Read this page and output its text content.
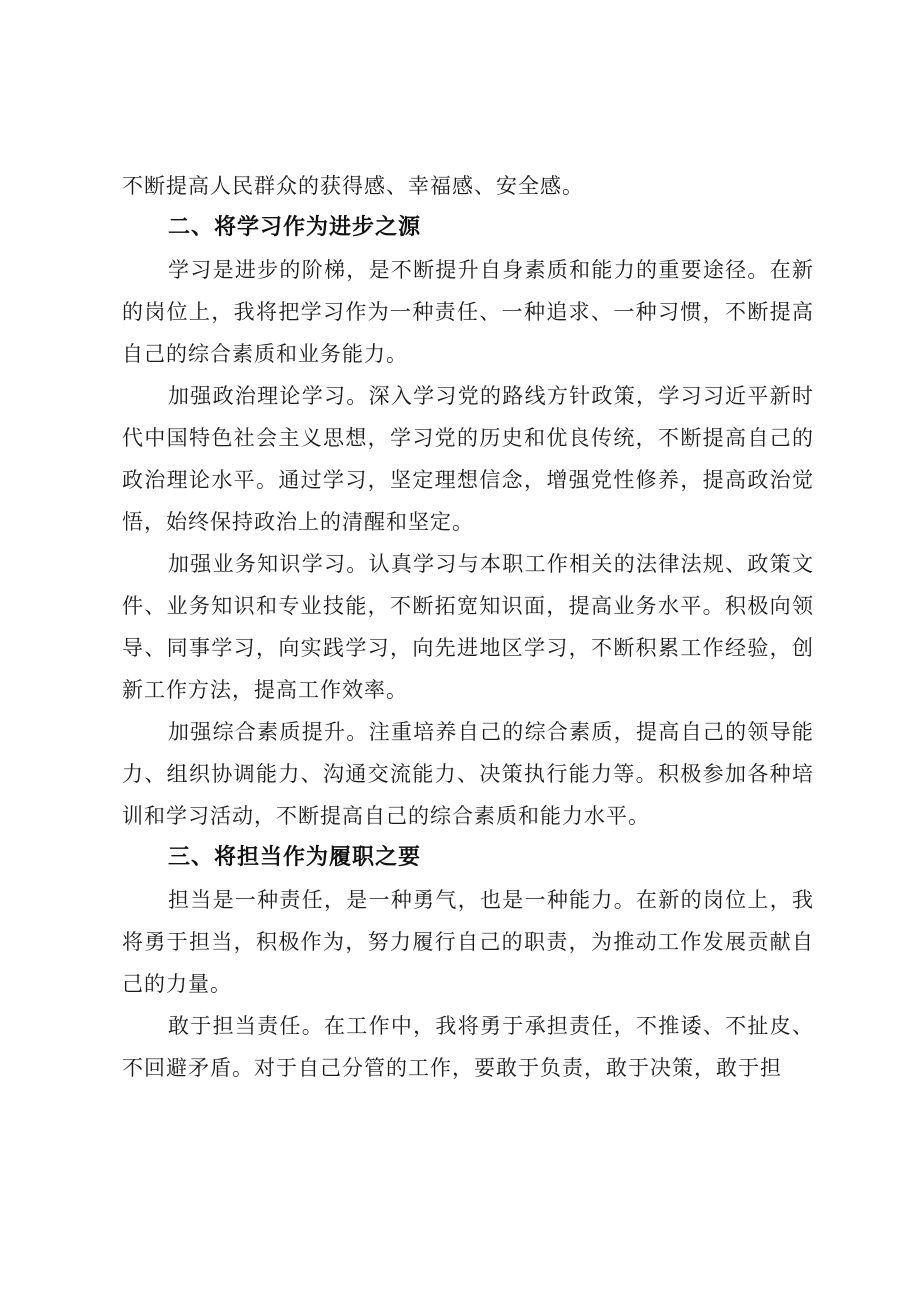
不断提高人民群众的获得感、幸福感、安全感。

二、将学习作为进步之源

学习是进步的阶梯，是不断提升自身素质和能力的重要途径。在新的岗位上，我将把学习作为一种责任、一种追求、一种习惯，不断提高自己的综合素质和业务能力。

加强政治理论学习。深入学习党的路线方针政策，学习习近平新时代中国特色社会主义思想，学习党的历史和优良传统，不断提高自己的政治理论水平。通过学习，坚定理想信念，增强党性修养，提高政治觉悟，始终保持政治上的清醒和坚定。

加强业务知识学习。认真学习与本职工作相关的法律法规、政策文件、业务知识和专业技能，不断拓宽知识面，提高业务水平。积极向领导、同事学习，向实践学习，向先进地区学习，不断积累工作经验，创新工作方法，提高工作效率。

加强综合素质提升。注重培养自己的综合素质，提高自己的领导能力、组织协调能力、沟通交流能力、决策执行能力等。积极参加各种培训和学习活动，不断提高自己的综合素质和能力水平。

三、将担当作为履职之要

担当是一种责任，是一种勇气，也是一种能力。在新的岗位上，我将勇于担当，积极作为，努力履行自己的职责，为推动工作发展贡献自己的力量。

敢于担当责任。在工作中，我将勇于承担责任，不推诿、不扯皮、不回避矛盾。对于自己分管的工作，要敢于负责，敢于决策，敢于担
